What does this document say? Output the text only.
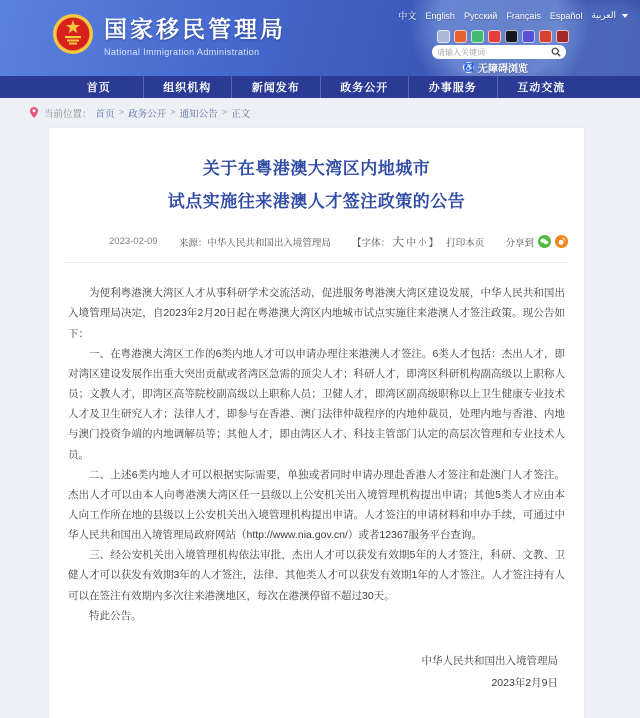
国家移民管理局
National Immigration Administration
中文 English Русский Français Español العربية
请输入关键词
♿ 无障碍浏览
首页	组织机构	新闻发布	政务公开	办事服务	互动交流
当前位置： 首页 > 政务公开 > 通知公告 > 正文
关于在粤港澳大湾区内地城市
试点实施往来港澳人才签注政策的公告
2023-02-09 来源：中华人民共和国出入境管理局 【字体： 大 中 小 】 打印本页 分享到

为便利粤港澳大湾区人才从事科研学术交流活动，促进服务粤港澳大湾区建设发展，中华人民共和国出入境管理局决定，自2023年2月20日起在粤港澳大湾区内地城市试点实施往来港澳人才签注政策。现公告如下：

一、在粤港澳大湾区工作的6类内地人才可以申请办理往来港澳人才签注。6类人才包括：杰出人才，即对湾区建设发展作出重大突出贡献或者湾区急需的顶尖人才；科研人才，即湾区科研机构副高级以上职称人员；文教人才，即湾区高等院校副高级以上职称人员；卫健人才，即湾区副高级职称以上卫生健康专业技术人才及卫生研究人才；法律人才，即参与在香港、澳门法律仲裁程序的内地仲裁员，处理内地与香港、内地与澳门投资争端的内地调解员等；其他人才，即由湾区人才、科技主管部门认定的高层次管理和专业技术人员。

二、上述6类内地人才可以根据实际需要，单独或者同时申请办理赴香港人才签注和赴澳门人才签注。杰出人才可以由本人向粤港澳大湾区任一县级以上公安机关出入境管理机构提出申请；其他5类人才应由本人向工作所在地的县级以上公安机关出入境管理机构提出申请。人才签注的申请材料和申办手续，可通过中华人民共和国出入境管理局政府网站（http://www.nia.gov.cn/）或者12367服务平台查询。

三、经公安机关出入境管理机构依法审批，杰出人才可以获发有效期5年的人才签注，科研、文教、卫健人才可以获发有效期3年的人才签注，法律、其他类人才可以获发有效期1年的人才签注。人才签注持有人可以在签注有效期内多次往来港澳地区，每次在港澳停留不超过30天。

特此公告。

中华人民共和国出入境管理局
2023年2月9日
